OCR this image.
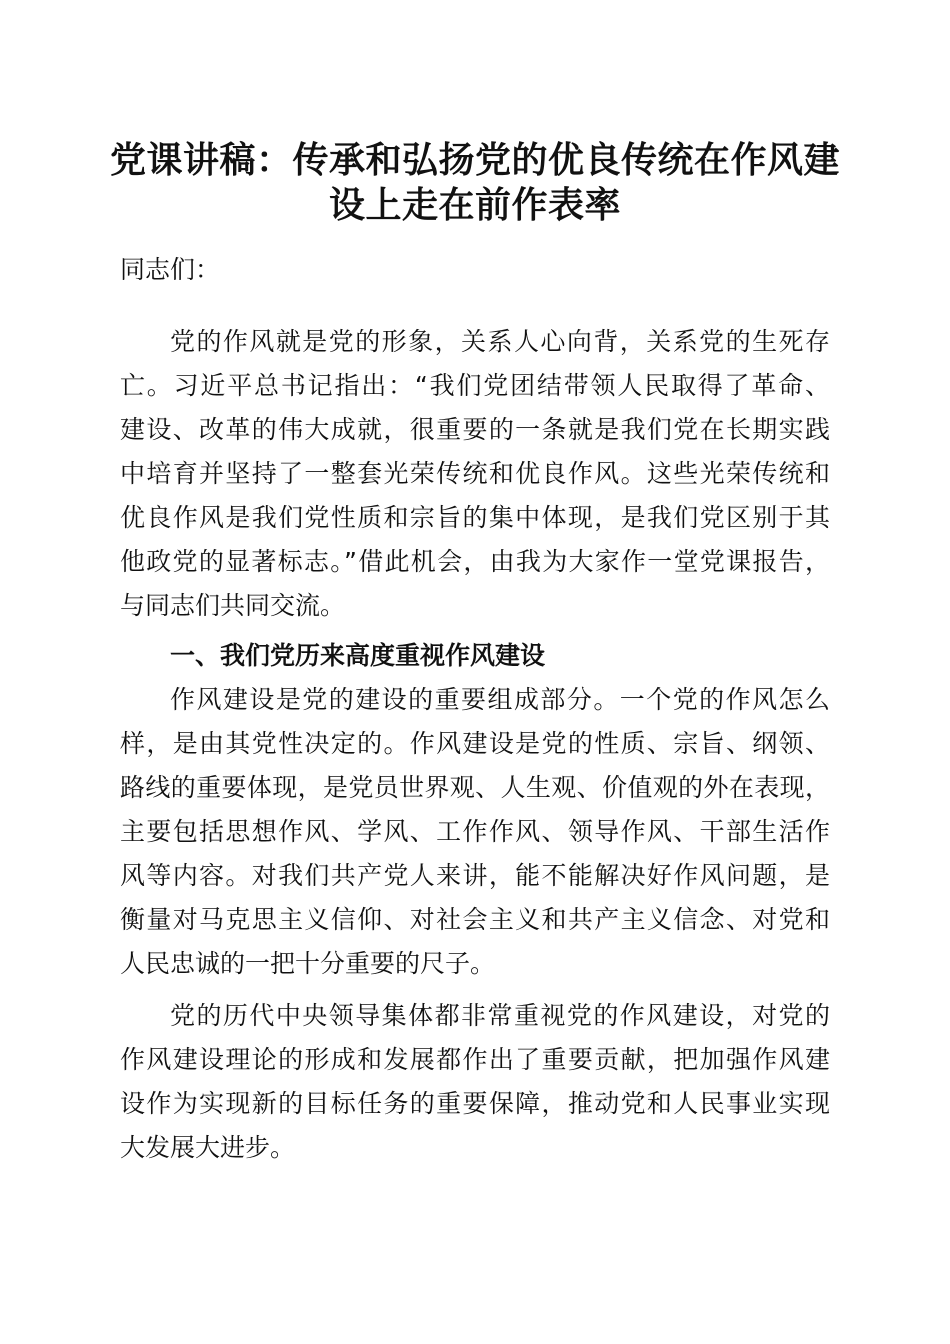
党课讲稿：传承和弘扬党的优良传统在作风建
设上走在前作表率
同志们：
党的作风就是党的形象，关系人心向背，关系党的生死存
亡。习近平总书记指出：“我们党团结带领人民取得了革命、
建设、改革的伟大成就，很重要的一条就是我们党在长期实践
中培育并坚持了一整套光荣传统和优良作风。这些光荣传统和
优良作风是我们党性质和宗旨的集中体现，是我们党区别于其
他政党的显著标志。”借此机会，由我为大家作一堂党课报告，
与同志们共同交流。
一、我们党历来高度重视作风建设
作风建设是党的建设的重要组成部分。一个党的作风怎么
样，是由其党性决定的。作风建设是党的性质、宗旨、纲领、
路线的重要体现，是党员世界观、人生观、价值观的外在表现，
主要包括思想作风、学风、工作作风、领导作风、干部生活作
风等内容。对我们共产党人来讲，能不能解决好作风问题，是
衡量对马克思主义信仰、对社会主义和共产主义信念、对党和
人民忠诚的一把十分重要的尺子。
党的历代中央领导集体都非常重视党的作风建设，对党的
作风建设理论的形成和发展都作出了重要贡献，把加强作风建
设作为实现新的目标任务的重要保障，推动党和人民事业实现
大发展大进步。
